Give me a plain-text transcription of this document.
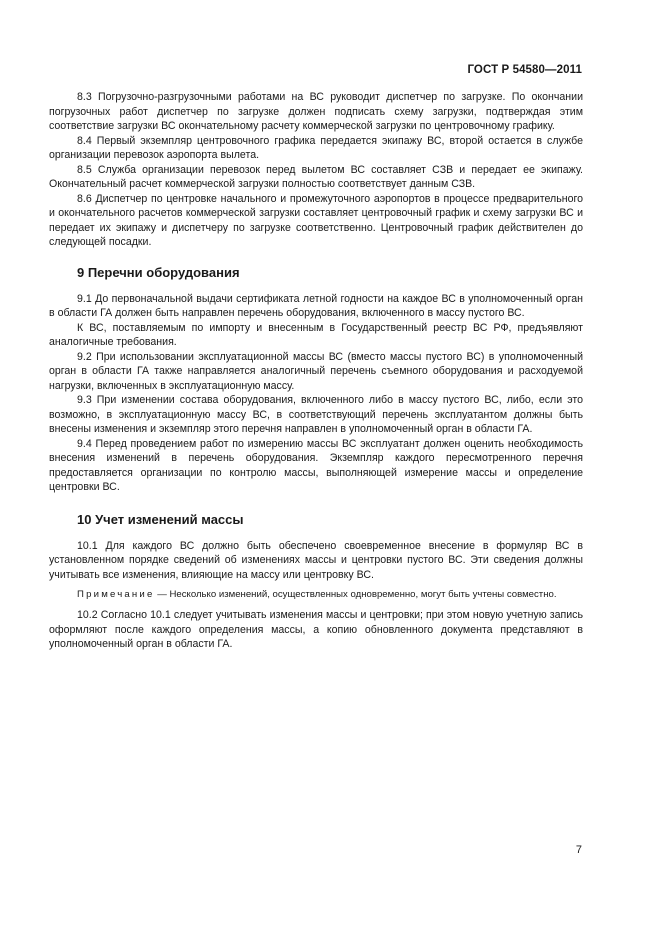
ГОСТ Р 54580—2011

8.3 Погрузочно-разгрузочными работами на ВС руководит диспетчер по загрузке. По окончании погрузочных работ диспетчер по загрузке должен подписать схему загрузки, подтверждая этим соответствие загрузки ВС окончательному расчету коммерческой загрузки по центровочному графику.

8.4 Первый экземпляр центровочного графика передается экипажу ВС, второй остается в службе организации перевозок аэропорта вылета.

8.5 Служба организации перевозок перед вылетом ВС составляет СЗВ и передает ее экипажу. Окончательный расчет коммерческой загрузки полностью соответствует данным СЗВ.

8.6 Диспетчер по центровке начального и промежуточного аэропортов в процессе предварительного и окончательного расчетов коммерческой загрузки составляет центровочный график и схему загрузки ВС и передает их экипажу и диспетчеру по загрузке соответственно. Центровочный график действителен до следующей посадки.

9 Перечни оборудования

9.1 До первоначальной выдачи сертификата летной годности на каждое ВС в уполномоченный орган в области ГА должен быть направлен перечень оборудования, включенного в массу пустого ВС.

К ВС, поставляемым по импорту и внесенным в Государственный реестр ВС РФ, предъявляют аналогичные требования.

9.2 При использовании эксплуатационной массы ВС (вместо массы пустого ВС) в уполномоченный орган в области ГА также направляется аналогичный перечень съемного оборудования и расходуемой нагрузки, включенных в эксплуатационную массу.

9.3 При изменении состава оборудования, включенного либо в массу пустого ВС, либо, если это возможно, в эксплуатационную массу ВС, в соответствующий перечень эксплуатантом должны быть внесены изменения и экземпляр этого перечня направлен в уполномоченный орган в области ГА.

9.4 Перед проведением работ по измерению массы ВС эксплуатант должен оценить необходимость внесения изменений в перечень оборудования. Экземпляр каждого пересмотренного перечня предоставляется организации по контролю массы, выполняющей измерение массы и определение центровки ВС.

10 Учет изменений массы

10.1 Для каждого ВС должно быть обеспечено своевременное внесение в формуляр ВС в установленном порядке сведений об изменениях массы и центровки пустого ВС. Эти сведения должны учитывать все изменения, влияющие на массу или центровку ВС.

Примечание — Несколько изменений, осуществленных одновременно, могут быть учтены совместно.

10.2 Согласно 10.1 следует учитывать изменения массы и центровки; при этом новую учетную запись оформляют после каждого определения массы, а копию обновленного документа представляют в уполномоченный орган в области ГА.

7
